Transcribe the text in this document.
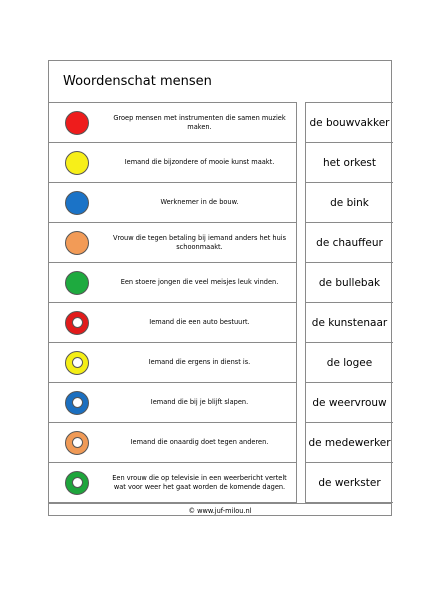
Woordenschat mensen
Groep mensen met instrumenten die samen muziek maken.
Iemand die bijzondere of mooie kunst maakt.
Werknemer in de bouw.
Vrouw die tegen betaling bij iemand anders het huis schoonmaakt.
Een stoere jongen die veel meisjes leuk vinden.
Iemand die een auto bestuurt.
Iemand die ergens in dienst is.
Iemand die bij je blijft slapen.
Iemand die onaardig doet tegen anderen.
Een vrouw die op televisie in een weerbericht vertelt wat voor weer het gaat worden de komende dagen.
de bouwvakker
het orkest
de bink
de chauffeur
de bullebak
de kunstenaar
de logee
de weervrouw
de medewerker
de werkster
© www.juf-milou.nl
